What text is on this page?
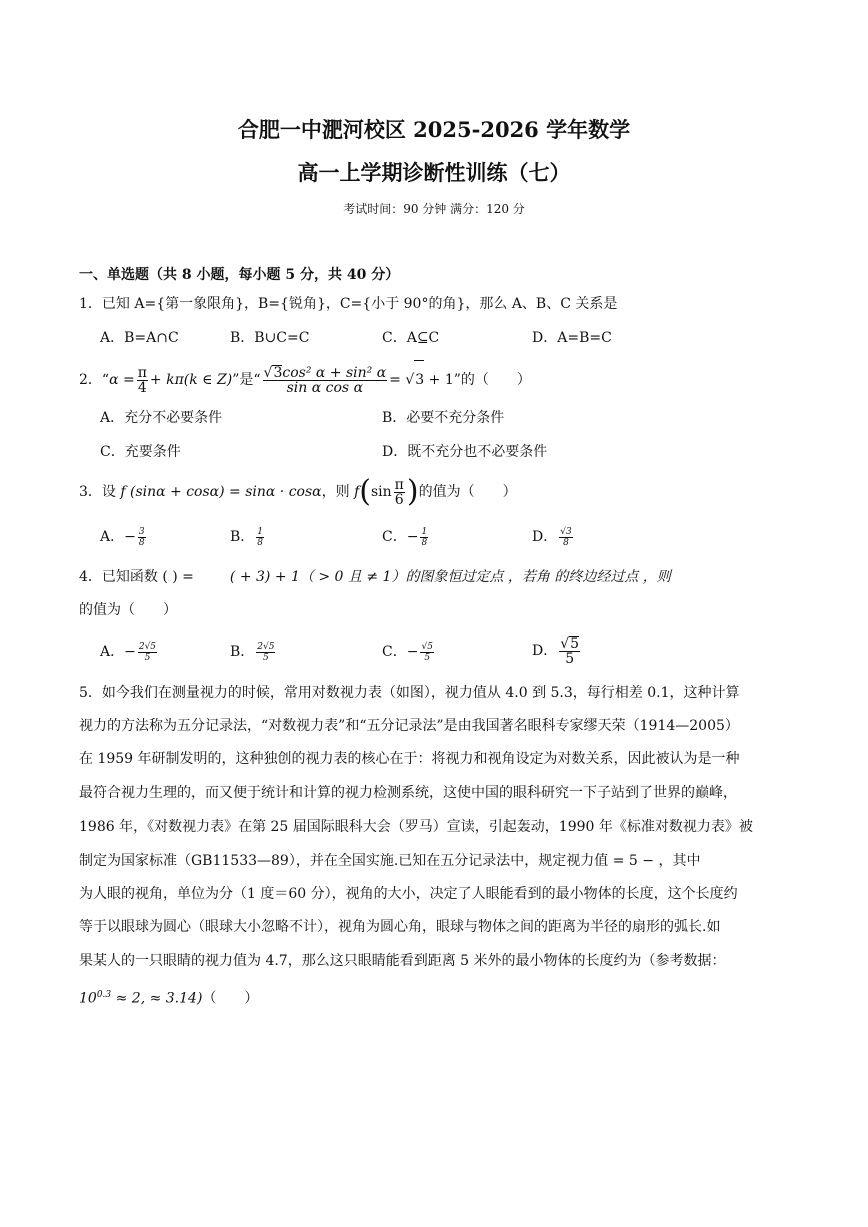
合肥一中淝河校区 2025-2026 学年数学
高一上学期诊断性训练（七）
考试时间：90 分钟 满分：120 分
一、单选题（共 8 小题，每小题 5 分，共 40 分）
1．已知 A={第一象限角}，B={锐角}，C={小于 90°的角}，那么 A、B、C 关系是
A．B=A∩C	B．B∪C=C	C．A⊆C	D．A=B=C
2．“$\alpha = \frac{\pi}{4} + k\pi(k$ ∈ Z)”是“ $\frac{\text{√3cos² α + sin² α}}{\text{sin α cos α}} = √3 + 1$”的（　　）
A．充分不必要条件	B．必要不充分条件
C．充要条件	D．既不充分也不必要条件
3．设 f (sinα + cosα) = sinα · cosα，则 $f(\sin \frac{\pi}{6}$ )的值为（　　）
A．− $\frac{3}{8}$	B． $\frac{1}{8}$	C．− $\frac{1}{8}$	D． $\frac{√3}{8}$
4．已知函数 ( ) =	( + 3) + 1（ > 0 且 ≠ 1）的图象恒过定点 ，若角 的终边经过点 ，则
的值为（　　）
A．− $\frac{2√5}{5}$	B． $\frac{2√5}{5}$	C．− $\frac{√5}{5}$	D． $\frac{√5}{5}$
5．如今我们在测量视力的时候，常用对数视力表（如图），视力值从 4.0 到 5.3，每行相差 0.1，这种计算
视力的方法称为五分记录法，“对数视力表”和“五分记录法”是由我国著名眼科专家缪天荣（1914—2005）
在 1959 年研制发明的，这种独创的视力表的核心在于：将视力和视角设定为对数关系，因此被认为是一种
最符合视力生理的，而又便于统计和计算的视力检测系统，这使中国的眼科研究一下子站到了世界的巅峰，
1986 年，《对数视力表》在第 25 届国际眼科大会（罗马）宣读，引起轰动，1990 年《标准对数视力表》被
制定为国家标准（GB11533—89），并在全国实施.已知在五分记录法中，规定视力值 = 5 − ，其中
为人眼的视角，单位为分（1 度＝60 分），视角的大小，决定了人眼能看到的最小物体的长度，这个长度约
等于以眼球为圆心（眼球大小忽略不计），视角为圆心角，眼球与物体之间的距离为半径的扇形的弧长.如
果某人的一只眼睛的视力值为 4.7，那么这只眼睛能看到距离 5 米外的最小物体的长度约为（参考数据：
$10^{0.3} \approx 2$, ≈ 3.14)（　　）
